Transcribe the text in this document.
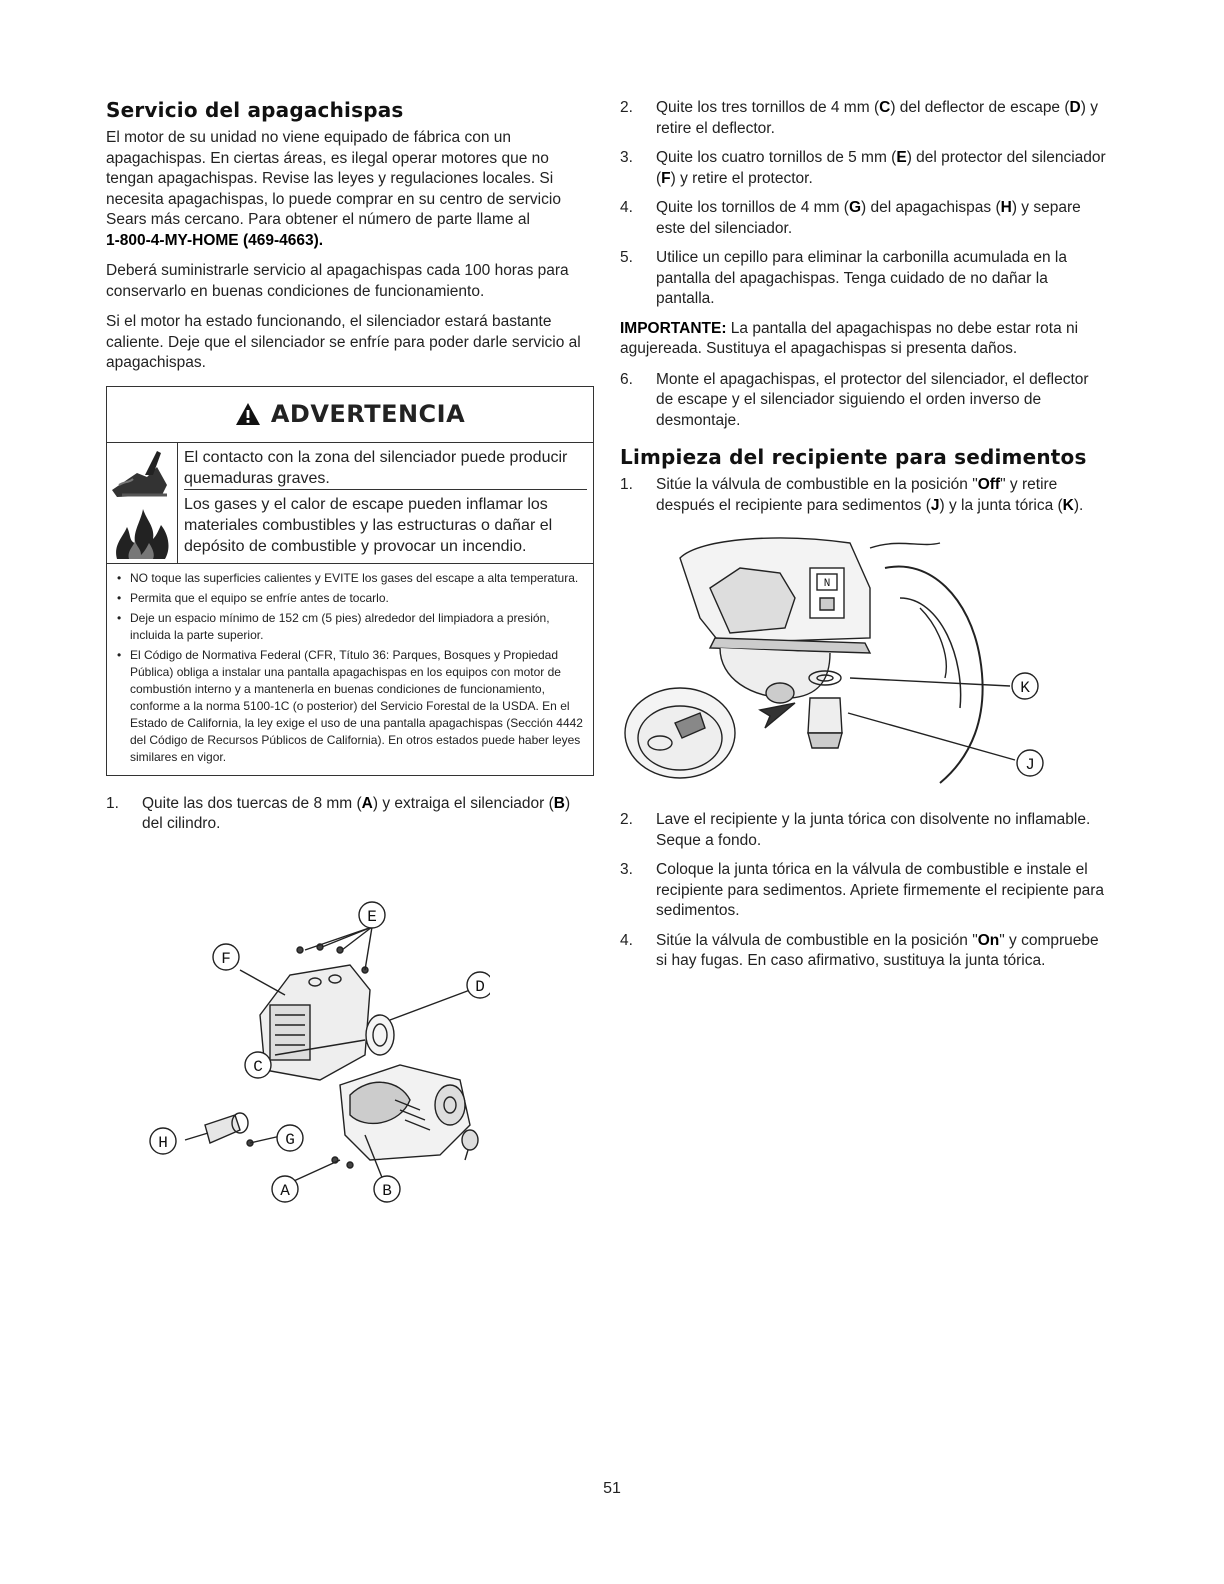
Servicio del apagachispas

El motor de su unidad no viene equipado de fábrica con un apagachispas. En ciertas áreas, es ilegal operar motores que no tengan apagachispas. Revise las leyes y regulaciones locales. Si necesita apagachispas, lo puede comprar en su centro de servicio Sears más cercano. Para obtener el número de parte llame al
1-800-4-MY-HOME (469-4663).

Deberá suministrarle servicio al apagachispas cada 100 horas para conservarlo en buenas condiciones de funcionamiento.

Si el motor ha estado funcionando, el silenciador estará bastante caliente. Deje que el silenciador se enfríe para poder darle servicio al apagachispas.

ADVERTENCIA

El contacto con la zona del silenciador puede producir quemaduras graves.

Los gases y el calor de escape pueden inflamar los materiales combustibles y las estructuras o dañar el depósito de combustible y provocar un incendio.

• NO toque las superficies calientes y EVITE los gases del escape a alta temperatura.
• Permita que el equipo se enfríe antes de tocarlo.
• Deje un espacio mínimo de 152 cm (5 pies) alrededor del limpiadora a presión, incluida la parte superior.
• El Código de Normativa Federal (CFR, Título 36: Parques, Bosques y Propiedad Pública) obliga a instalar una pantalla apagachispas en los equipos con motor de combustión interno y a mantenerla en buenas condiciones de funcionamiento, conforme a la norma 5100-1C (o posterior) del Servicio Forestal de la USDA. En el Estado de California, la ley exige el uso de una pantalla apagachispas (Sección 4442 del Código de Recursos Públicos de California). En otros estados puede haber leyes similares en vigor.
1. Quite las dos tuercas de 8 mm (A) y extraiga el silenciador (B) del cilindro.
E
F
D
C
G
H
A	B
2. Quite los tres tornillos de 4 mm (C) del deflector de escape (D) y retire el deflector.
3. Quite los cuatro tornillos de 5 mm (E) del protector del silenciador (F) y retire el protector.
4. Quite los tornillos de 4 mm (G) del apagachispas (H) y separe este del silenciador.
5. Utilice un cepillo para eliminar la carbonilla acumulada en la pantalla del apagachispas. Tenga cuidado de no dañar la pantalla.

IMPORTANTE: La pantalla del apagachispas no debe estar rota ni agujereada. Sustituya el apagachispas si presenta daños.

6. Monte el apagachispas, el protector del silenciador, el deflector de escape y el silenciador siguiendo el orden inverso de desmontaje.
Limpieza del recipiente para sedimentos
1. Sitúe la válvula de combustible en la posición "Off" y retire después el recipiente para sedimentos (J) y la junta tórica (K).
N
K
J
2. Lave el recipiente y la junta tórica con disolvente no inflamable. Seque a fondo.
3. Coloque la junta tórica en la válvula de combustible e instale el recipiente para sedimentos. Apriete firmemente el recipiente para sedimentos.
4. Sitúe la válvula de combustible en la posición "On" y compruebe si hay fugas. En caso afirmativo, sustituya la junta tórica.
51
